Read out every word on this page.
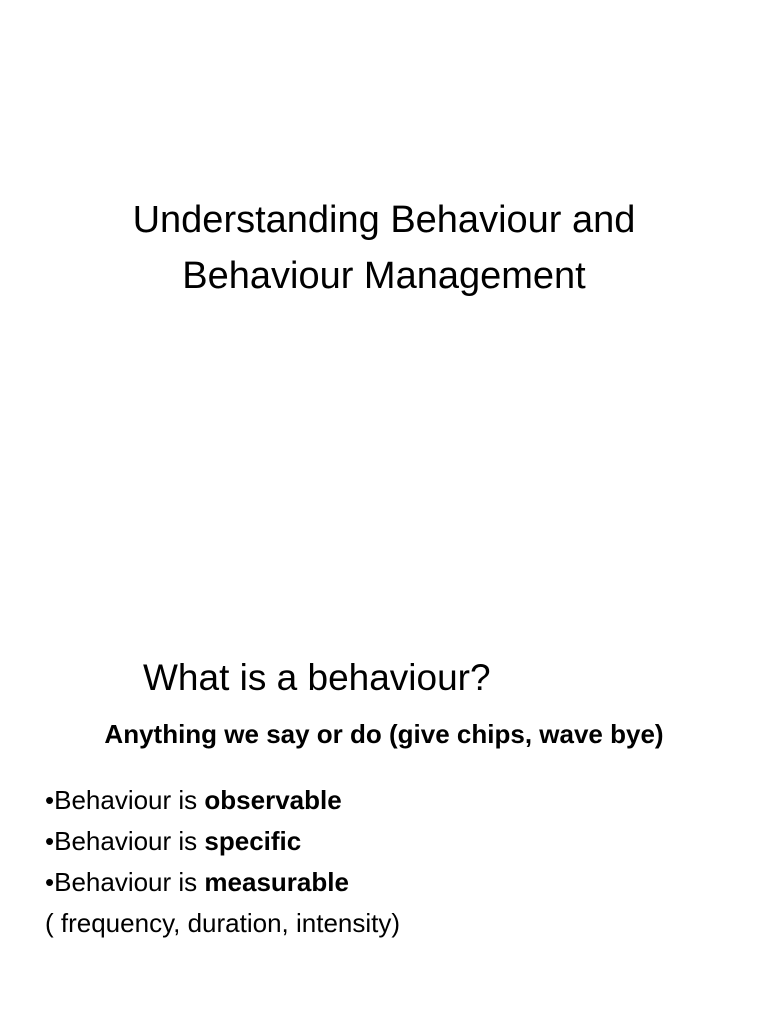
Understanding Behaviour and
Behaviour Management
What is a behaviour?
Anything we say or do (give chips, wave bye)
•Behaviour is observable
•Behaviour is specific
•Behaviour is measurable
( frequency, duration, intensity)
